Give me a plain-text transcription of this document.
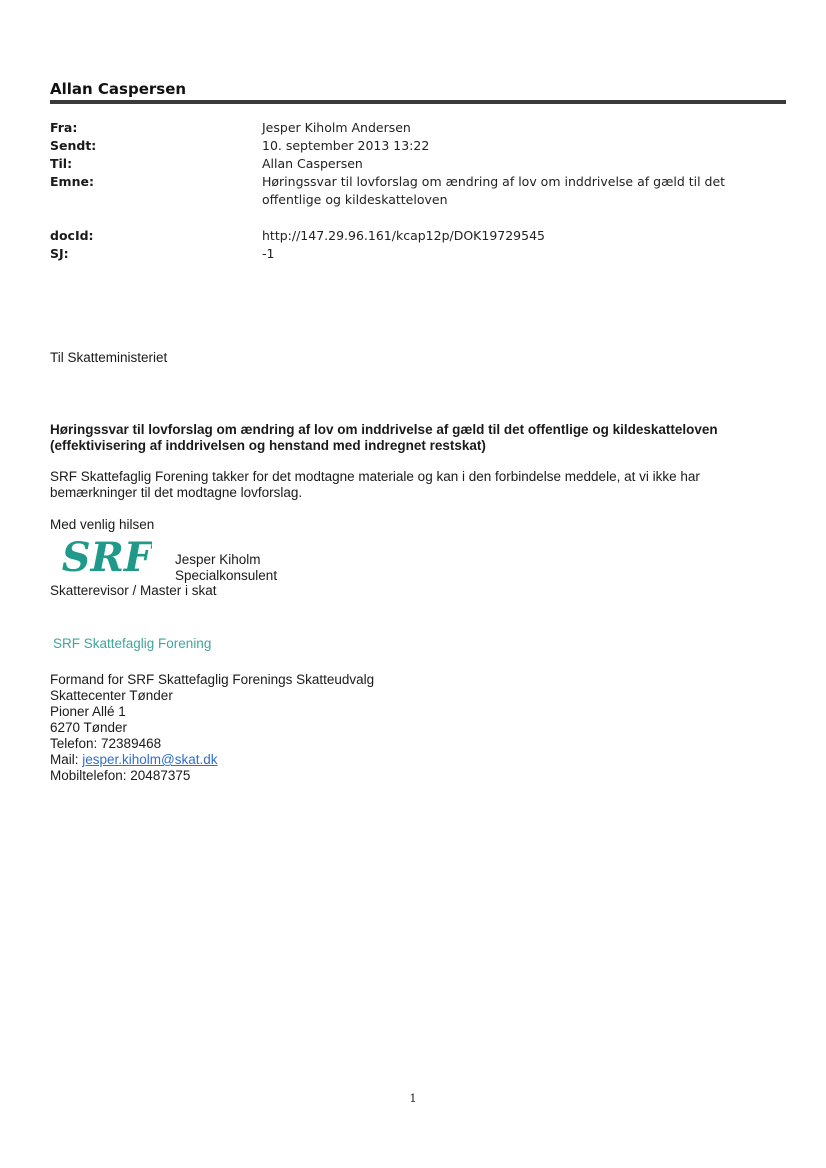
Allan Caspersen
Fra:	Jesper Kiholm Andersen
Sendt:	10. september 2013 13:22
Til:	Allan Caspersen
Emne:	Høringssvar til lovforslag om ændring af lov om inddrivelse af gæld til det offentlige og kildeskatteloven
docId:	http://147.29.96.161/kcap12p/DOK19729545
SJ:	-1
Til Skatteministeriet
Høringssvar til lovforslag om ændring af lov om inddrivelse af gæld til det offentlige og kildeskatteloven
(effektivisering af inddrivelsen og henstand med indregnet restskat)
SRF Skattefaglig Forening takker for det modtagne materiale og kan i den forbindelse meddele, at vi ikke har
bemærkninger til det modtagne lovforslag.
Med venlig hilsen
SRF Jesper Kiholm
Specialkonsulent
Skatterevisor / Master i skat
SRF Skattefaglig Forening
Formand for SRF Skattefaglig Forenings Skatteudvalg
Skattecenter Tønder
Pioner Allé 1
6270 Tønder
Telefon: 72389468
Mail: jesper.kiholm@skat.dk
Mobiltelefon: 20487375
1
